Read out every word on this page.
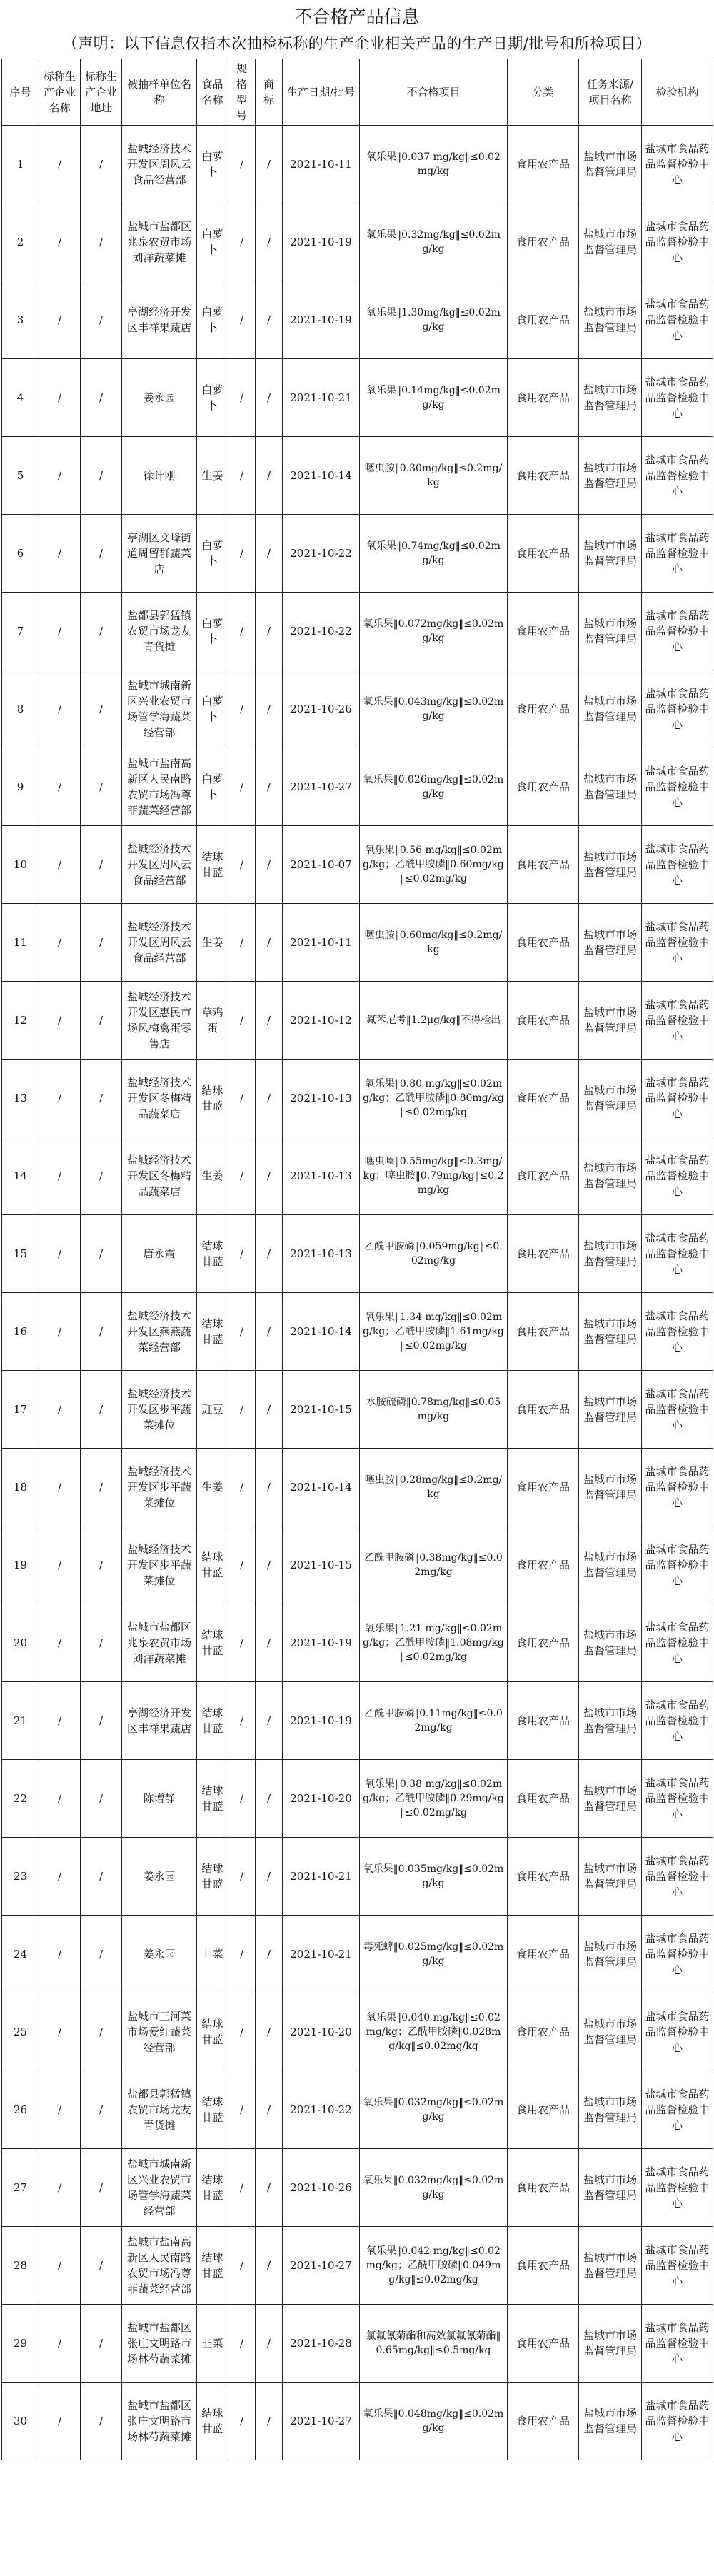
不合格产品信息
（声明：以下信息仅指本次抽检标称的生产企业相关产品的生产日期/批号和所检项目）
序号	标称生产企业名称	标称生产企业地址	被抽样单位名称	食品名称	规格型号	商标	生产日期/批号	不合格项目	分类	任务来源/项目名称	检验机构
1	/	/	盐城经济技术开发区周风云食品经营部	白萝卜	/	/	2021-10-11	氧乐果‖0.037 mg/kg‖≤0.02mg/kg	食用农产品	盐城市市场监督管理局	盐城市食品药品监督检验中心
2	/	/	盐城市盐都区兆泉农贸市场刘洋蔬菜摊	白萝卜	/	/	2021-10-19	氧乐果‖0.32mg/kg‖≤0.02mg/kg	食用农产品	盐城市市场监督管理局	盐城市食品药品监督检验中心
3	/	/	亭湖经济开发区丰祥果蔬店	白萝卜	/	/	2021-10-19	氧乐果‖1.30mg/kg‖≤0.02mg/kg	食用农产品	盐城市市场监督管理局	盐城市食品药品监督检验中心
4	/	/	姜永园	白萝卜	/	/	2021-10-21	氧乐果‖0.14mg/kg‖≤0.02mg/kg	食用农产品	盐城市市场监督管理局	盐城市食品药品监督检验中心
5	/	/	徐计刚	生姜	/	/	2021-10-14	噻虫胺‖0.30mg/kg‖≤0.2mg/kg	食用农产品	盐城市市场监督管理局	盐城市食品药品监督检验中心
6	/	/	亭湖区文峰街道周留群蔬菜店	白萝卜	/	/	2021-10-22	氧乐果‖0.74mg/kg‖≤0.02mg/kg	食用农产品	盐城市市场监督管理局	盐城市食品药品监督检验中心
7	/	/	盐都县郭猛镇农贸市场龙友青货摊	白萝卜	/	/	2021-10-22	氧乐果‖0.072mg/kg‖≤0.02mg/kg	食用农产品	盐城市市场监督管理局	盐城市食品药品监督检验中心
8	/	/	盐城市城南新区兴业农贸市场管学海蔬菜经营部	白萝卜	/	/	2021-10-26	氧乐果‖0.043mg/kg‖≤0.02mg/kg	食用农产品	盐城市市场监督管理局	盐城市食品药品监督检验中心
9	/	/	盐城市盐南高新区人民南路农贸市场冯尊菲蔬菜经营部	白萝卜	/	/	2021-10-27	氧乐果‖0.026mg/kg‖≤0.02mg/kg	食用农产品	盐城市市场监督管理局	盐城市食品药品监督检验中心
10	/	/	盐城经济技术开发区周风云食品经营部	结球甘蓝	/	/	2021-10-07	氧乐果‖0.56 mg/kg‖≤0.02mg/kg；乙酰甲胺磷‖0.60mg/kg‖≤0.02mg/kg	食用农产品	盐城市市场监督管理局	盐城市食品药品监督检验中心
11	/	/	盐城经济技术开发区周风云食品经营部	生姜	/	/	2021-10-11	噻虫胺‖0.60mg/kg‖≤0.2mg/kg	食用农产品	盐城市市场监督管理局	盐城市食品药品监督检验中心
12	/	/	盐城经济技术开发区惠民市场风梅禽蛋零售店	草鸡蛋	/	/	2021-10-12	氟苯尼考‖1.2μg/kg‖不得检出	食用农产品	盐城市市场监督管理局	盐城市食品药品监督检验中心
13	/	/	盐城经济技术开发区冬梅精品蔬菜店	结球甘蓝	/	/	2021-10-13	氧乐果‖0.80 mg/kg‖≤0.02mg/kg；乙酰甲胺磷‖0.80mg/kg‖≤0.02mg/kg	食用农产品	盐城市市场监督管理局	盐城市食品药品监督检验中心
14	/	/	盐城经济技术开发区冬梅精品蔬菜店	生姜	/	/	2021-10-13	噻虫嗪‖0.55mg/kg‖≤0.3mg/kg；噻虫胺‖0.79mg/kg‖≤0.2mg/kg	食用农产品	盐城市市场监督管理局	盐城市食品药品监督检验中心
15	/	/	唐永霞	结球甘蓝	/	/	2021-10-13	乙酰甲胺磷‖0.059mg/kg‖≤0.02mg/kg	食用农产品	盐城市市场监督管理局	盐城市食品药品监督检验中心
16	/	/	盐城经济技术开发区燕燕蔬菜经营部	结球甘蓝	/	/	2021-10-14	氧乐果‖1.34 mg/kg‖≤0.02mg/kg；乙酰甲胺磷‖1.61mg/kg‖≤0.02mg/kg	食用农产品	盐城市市场监督管理局	盐城市食品药品监督检验中心
17	/	/	盐城经济技术开发区步平蔬菜摊位	豇豆	/	/	2021-10-15	水胺硫磷‖0.78mg/kg‖≤0.05mg/kg	食用农产品	盐城市市场监督管理局	盐城市食品药品监督检验中心
18	/	/	盐城经济技术开发区步平蔬菜摊位	生姜	/	/	2021-10-14	噻虫胺‖0.28mg/kg‖≤0.2mg/kg	食用农产品	盐城市市场监督管理局	盐城市食品药品监督检验中心
19	/	/	盐城经济技术开发区步平蔬菜摊位	结球甘蓝	/	/	2021-10-15	乙酰甲胺磷‖0.38mg/kg‖≤0.02mg/kg	食用农产品	盐城市市场监督管理局	盐城市食品药品监督检验中心
20	/	/	盐城市盐都区兆泉农贸市场刘洋蔬菜摊	结球甘蓝	/	/	2021-10-19	氧乐果‖1.21 mg/kg‖≤0.02mg/kg；乙酰甲胺磷‖1.08mg/kg‖≤0.02mg/kg	食用农产品	盐城市市场监督管理局	盐城市食品药品监督检验中心
21	/	/	亭湖经济开发区丰祥果蔬店	结球甘蓝	/	/	2021-10-19	乙酰甲胺磷‖0.11mg/kg‖≤0.02mg/kg	食用农产品	盐城市市场监督管理局	盐城市食品药品监督检验中心
22	/	/	陈增静	结球甘蓝	/	/	2021-10-20	氧乐果‖0.38 mg/kg‖≤0.02mg/kg；乙酰甲胺磷‖0.29mg/kg‖≤0.02mg/kg	食用农产品	盐城市市场监督管理局	盐城市食品药品监督检验中心
23	/	/	姜永园	结球甘蓝	/	/	2021-10-21	氧乐果‖0.035mg/kg‖≤0.02mg/kg	食用农产品	盐城市市场监督管理局	盐城市食品药品监督检验中心
24	/	/	姜永园	韭菜	/	/	2021-10-21	毒死蜱‖0.025mg/kg‖≤0.02mg/kg	食用农产品	盐城市市场监督管理局	盐城市食品药品监督检验中心
25	/	/	盐城市三河菜市场爱红蔬菜经营部	结球甘蓝	/	/	2021-10-20	氧乐果‖0.040 mg/kg‖≤0.02mg/kg；乙酰甲胺磷‖0.028mg/kg‖≤0.02mg/kg	食用农产品	盐城市市场监督管理局	盐城市食品药品监督检验中心
26	/	/	盐都县郭猛镇农贸市场龙友青货摊	结球甘蓝	/	/	2021-10-22	氧乐果‖0.032mg/kg‖≤0.02mg/kg	食用农产品	盐城市市场监督管理局	盐城市食品药品监督检验中心
27	/	/	盐城市城南新区兴业农贸市场管学海蔬菜经营部	结球甘蓝	/	/	2021-10-26	氧乐果‖0.032mg/kg‖≤0.02mg/kg	食用农产品	盐城市市场监督管理局	盐城市食品药品监督检验中心
28	/	/	盐城市盐南高新区人民南路农贸市场冯尊菲蔬菜经营部	结球甘蓝	/	/	2021-10-27	氧乐果‖0.042 mg/kg‖≤0.02mg/kg；乙酰甲胺磷‖0.049mg/kg‖≤0.02mg/kg	食用农产品	盐城市市场监督管理局	盐城市食品药品监督检验中心
29	/	/	盐城市盐都区张庄文明路市场林芍蔬菜摊	韭菜	/	/	2021-10-28	氯氟氰菊酯和高效氯氟氰菊酯‖0.65mg/kg‖≤0.5mg/kg	食用农产品	盐城市市场监督管理局	盐城市食品药品监督检验中心
30	/	/	盐城市盐都区张庄文明路市场林芍蔬菜摊	结球甘蓝	/	/	2021-10-27	氧乐果‖0.048mg/kg‖≤0.02mg/kg	食用农产品	盐城市市场监督管理局	盐城市食品药品监督检验中心
